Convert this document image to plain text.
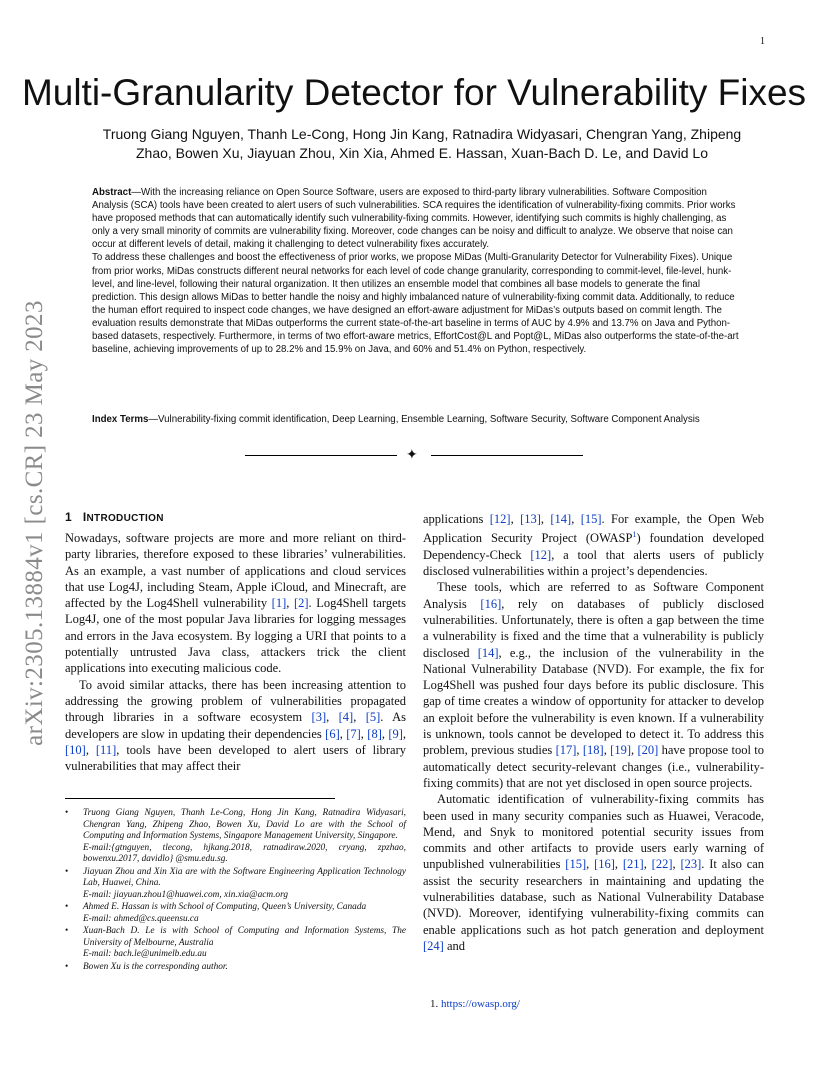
1
arXiv:2305.13884v1 [cs.CR] 23 May 2023
Multi-Granularity Detector for Vulnerability Fixes
Truong Giang Nguyen, Thanh Le-Cong, Hong Jin Kang, Ratnadira Widyasari, Chengran Yang, Zhipeng
Zhao, Bowen Xu, Jiayuan Zhou, Xin Xia, Ahmed E. Hassan, Xuan-Bach D. Le, and David Lo

Abstract—With the increasing reliance on Open Source Software, users are exposed to third-party library vulnerabilities. Software Composition Analysis (SCA) tools have been created to alert users of such vulnerabilities. SCA requires the identification of vulnerability-fixing commits. Prior works have proposed methods that can automatically identify such vulnerability-fixing commits. However, identifying such commits is highly challenging, as only a very small minority of commits are vulnerability fixing. Moreover, code changes can be noisy and difficult to analyze. We observe that noise can occur at different levels of detail, making it challenging to detect vulnerability fixes accurately.

To address these challenges and boost the effectiveness of prior works, we propose MiDas (Multi-Granularity Detector for Vulnerability Fixes). Unique from prior works, MiDas constructs different neural networks for each level of code change granularity, corresponding to commit-level, file-level, hunk-level, and line-level, following their natural organization. It then utilizes an ensemble model that combines all base models to generate the final prediction. This design allows MiDas to better handle the noisy and highly imbalanced nature of vulnerability-fixing commit data. Additionally, to reduce the human effort required to inspect code changes, we have designed an effort-aware adjustment for MiDas’s outputs based on commit length. The evaluation results demonstrate that MiDas outperforms the current state-of-the-art baseline in terms of AUC by 4.9% and 13.7% on Java and Python-based datasets, respectively. Furthermore, in terms of two effort-aware metrics, EffortCost@L and Popt@L, MiDas also outperforms the state-of-the-art baseline, achieving improvements of up to 28.2% and 15.9% on Java, and 60% and 51.4% on Python, respectively.

Index Terms—Vulnerability-fixing commit identification, Deep Learning, Ensemble Learning, Software Security, Software Component Analysis
✦
1 INTRODUCTION

Nowadays, software projects are more and more reliant on third-party libraries, therefore exposed to these libraries’ vulnerabilities. As an example, a vast number of applications and cloud services that use Log4J, including Steam, Apple iCloud, and Minecraft, are affected by the Log4Shell vulnerability [1], [2]. Log4Shell targets Log4J, one of the most popular Java libraries for logging messages and errors in the Java ecosystem. By logging a URI that points to a potentially untrusted Java class, attackers trick the client applications into executing malicious code.

To avoid similar attacks, there has been increasing attention to addressing the growing problem of vulnerabilities propagated through libraries in a software ecosystem [3], [4], [5]. As developers are slow in updating their dependencies [6], [7], [8], [9], [10], [11], tools have been developed to alert users of library vulnerabilities that may affect their

• Truong Giang Nguyen, Thanh Le-Cong, Hong Jin Kang, Ratnadira Widyasari, Chengran Yang, Zhipeng Zhao, Bowen Xu, David Lo are with the School of Computing and Information Systems, Singapore Management University, Singapore.
E-mail:{gtnguyen, tlecong, hjkang.2018, ratnadiraw.2020, cryang, zpzhao, bowenxu.2017, davidlo} @smu.edu.sg.
• Jiayuan Zhou and Xin Xia are with the Software Engineering Application Technology Lab, Huawei, China.
E-mail: jiayuan.zhou1@huawei.com, xin.xia@acm.org
• Ahmed E. Hassan is with School of Computing, Queen’s University, Canada
E-mail: ahmed@cs.queensu.ca
• Xuan-Bach D. Le is with School of Computing and Information Systems, The University of Melbourne, Australia
E-mail: bach.le@unimelb.edu.au
• Bowen Xu is the corresponding author.

applications [12], [13], [14], [15]. For example, the Open Web Application Security Project (OWASP$^1$) foundation developed Dependency-Check [12], a tool that alerts users of publicly disclosed vulnerabilities within a project’s dependencies.

These tools, which are referred to as Software Component Analysis [16], rely on databases of publicly disclosed vulnerabilities. Unfortunately, there is often a gap between the time a vulnerability is fixed and the time that a vulnerability is publicly disclosed [14], e.g., the inclusion of the vulnerability in the National Vulnerability Database (NVD). For example, the fix for Log4Shell was pushed four days before its public disclosure. This gap of time creates a window of opportunity for attacker to develop an exploit before the vulnerability is even known. If a vulnerability is unknown, tools cannot be developed to detect it. To address this problem, previous studies [17], [18], [19], [20] have propose tool to automatically detect security-relevant changes (i.e., vulnerability-fixing commits) that are not yet disclosed in open source projects.

Automatic identification of vulnerability-fixing commits has been used in many security companies such as Huawei, Veracode, Mend, and Snyk to monitored potential security issues from commits and other artifacts to provide users early warning of unpublished vulnerabilities [15], [16], [21], [22], [23]. It also can assist the security researchers in maintaining and updating the vulnerabilities database, such as National Vulnerability Database (NVD). Moreover, identifying vulnerability-fixing commits can enable applications such as hot patch generation and deployment [24] and

1. https://owasp.org/
